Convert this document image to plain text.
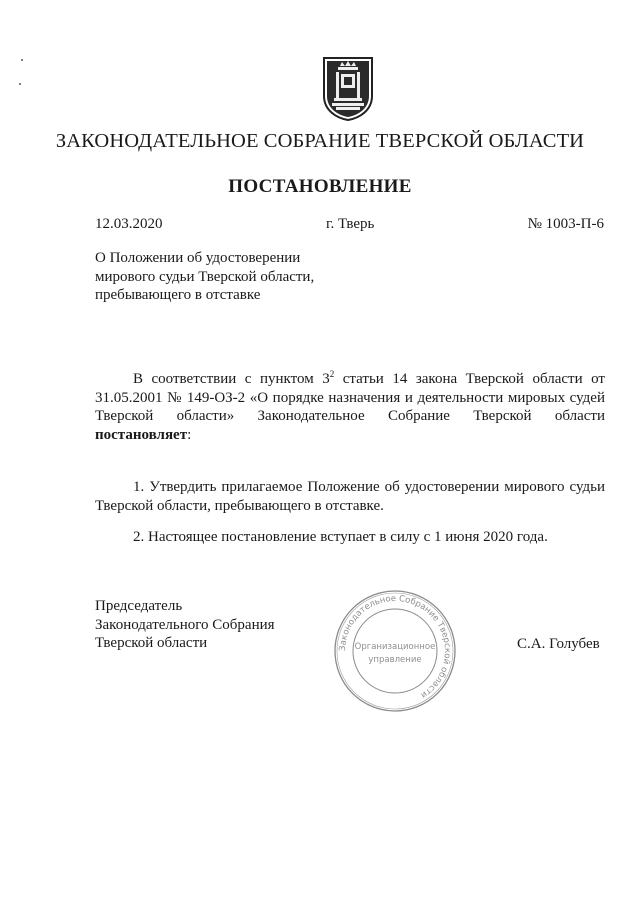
ЗАКОНОДАТЕЛЬНОЕ СОБРАНИЕ ТВЕРСКОЙ ОБЛАСТИ
ПОСТАНОВЛЕНИЕ
12.03.2020	г. Тверь	№ 1003-П-6
О Положении об удостоверении
мирового судьи Тверской области,
пребывающего в отставке
В соответствии с пунктом $3^2$ статьи 14 закона Тверской области от 31.05.2001 № 149-ОЗ-2 «О порядке назначения и деятельности мировых судей Тверской области» Законодательное Собрание Тверской области постановляет:
1. Утвердить прилагаемое Положение об удостоверении мирового судьи Тверской области, пребывающего в отставке.
2. Настоящее постановление вступает в силу с 1 июня 2020 года.
Председатель
Законодательного Собрания
Тверской области	Законодательное Собрание Тверской области
Организационное
управление
С.А. Голубев
